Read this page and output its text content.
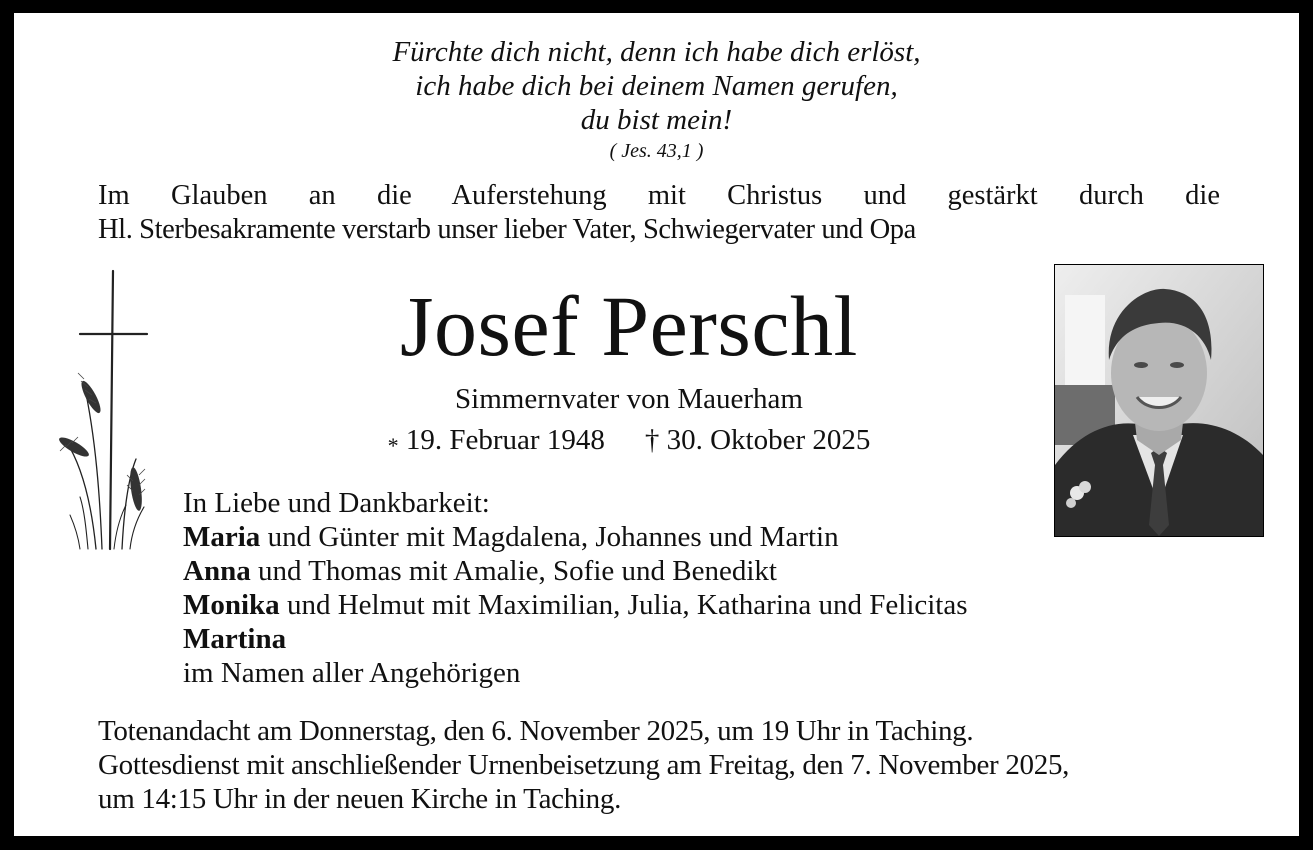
Fürchte dich nicht, denn ich habe dich erlöst,
ich habe dich bei deinem Namen gerufen,
du bist mein!
( Jes. 43,1 )
Im Glauben an die Auferstehung mit Christus und gestärkt durch die
Hl. Sterbesakramente verstarb unser lieber Vater, Schwiegervater und Opa
Josef Perschl
Simmernvater von Mauerham
* 19. Februar 1948 † 30. Oktober 2025
In Liebe und Dankbarkeit:
Maria und Günter mit Magdalena, Johannes und Martin
Anna und Thomas mit Amalie, Sofie und Benedikt
Monika und Helmut mit Maximilian, Julia, Katharina und Felicitas
Martina
im Namen aller Angehörigen
Totenandacht am Donnerstag, den 6. November 2025, um 19 Uhr in Taching.
Gottesdienst mit anschließender Urnenbeisetzung am Freitag, den 7. November 2025,
um 14:15 Uhr in der neuen Kirche in Taching.
